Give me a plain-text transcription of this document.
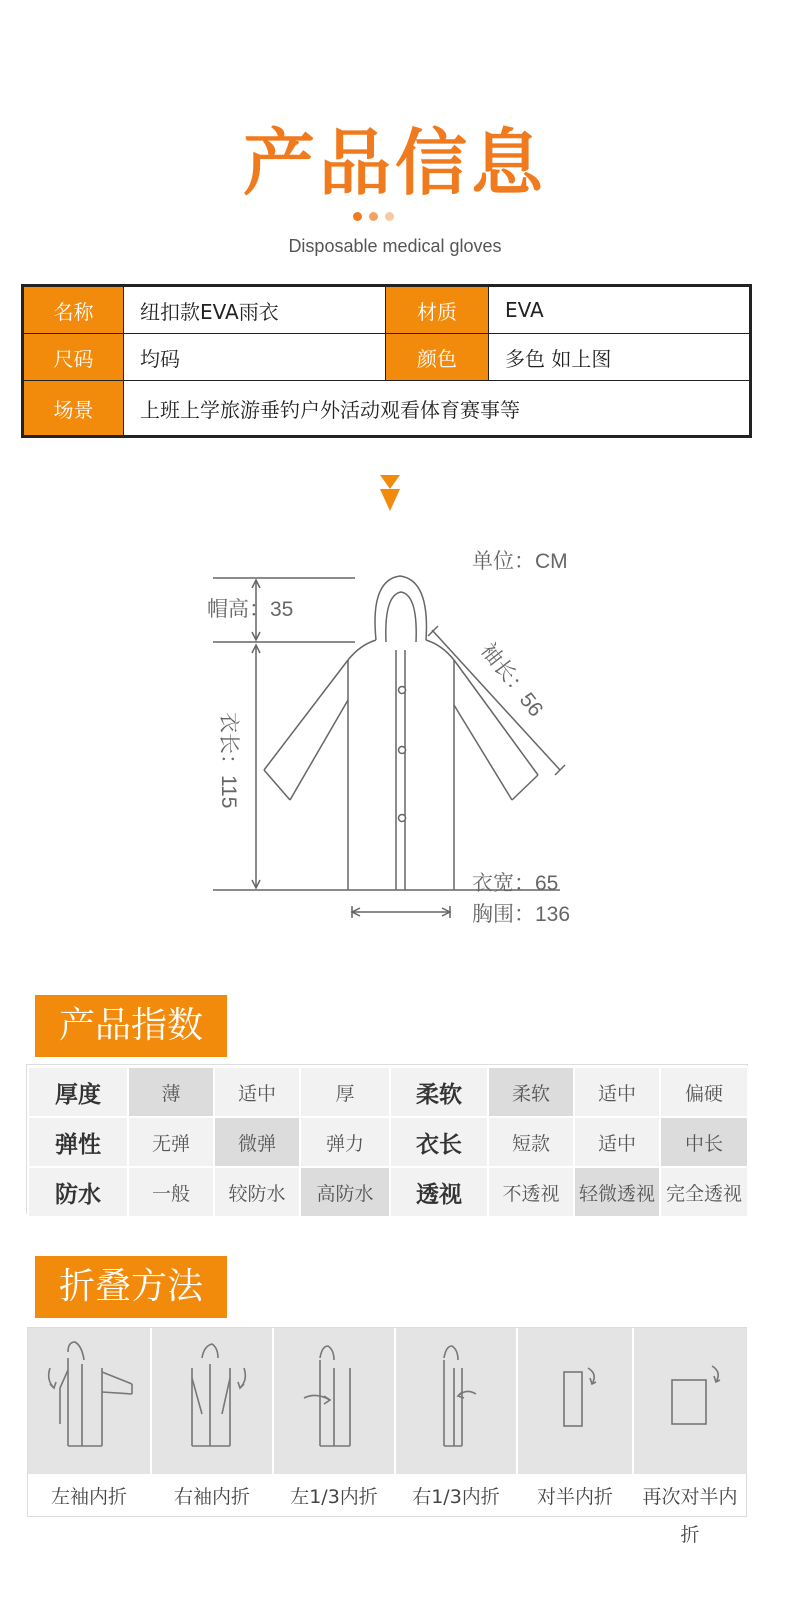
产品信息
Disposable medical gloves
名称	纽扣款EVA雨衣	材质	EVA
尺码	均码	颜色	多色 如上图
场景	上班上学旅游垂钓户外活动观看体育赛事等		
单位：CM
帽高：35
衣长：115
袖长：56
衣宽：65
胸围：136
产品指数
厚度	薄	适中	厚	柔软	柔软	适中	偏硬
弹性	无弹	微弹	弹力	衣长	短款	适中	中长
防水	一般	较防水	高防水	透视	不透视	轻微透视	完全透视
折叠方法
左袖内折	右袖内折	左1/3内折	右1/3内折	对半内折	再次对半内折
